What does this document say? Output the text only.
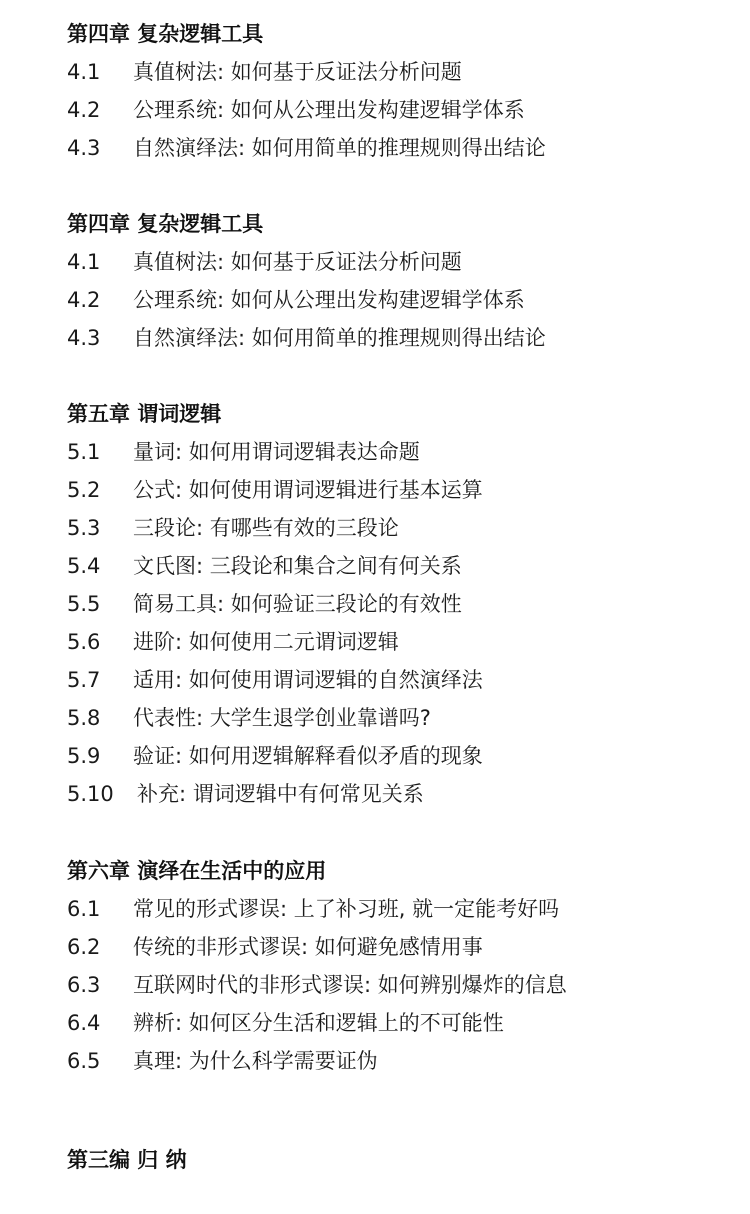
第四章 复杂逻辑工具
4.1 真值树法: 如何基于反证法分析问题
4.2 公理系统: 如何从公理出发构建逻辑学体系
4.3 自然演绎法: 如何用简单的推理规则得出结论
第四章 复杂逻辑工具
4.1 真值树法: 如何基于反证法分析问题
4.2 公理系统: 如何从公理出发构建逻辑学体系
4.3 自然演绎法: 如何用简单的推理规则得出结论
第五章 谓词逻辑
5.1 量词: 如何用谓词逻辑表达命题
5.2 公式: 如何使用谓词逻辑进行基本运算
5.3 三段论: 有哪些有效的三段论
5.4 文氏图: 三段论和集合之间有何关系
5.5 简易工具: 如何验证三段论的有效性
5.6 进阶: 如何使用二元谓词逻辑
5.7 适用: 如何使用谓词逻辑的自然演绎法
5.8 代表性: 大学生退学创业靠谱吗?
5.9 验证: 如何用逻辑解释看似矛盾的现象
5.10 补充: 谓词逻辑中有何常见关系
第六章 演绎在生活中的应用
6.1 常见的形式谬误: 上了补习班, 就一定能考好吗
6.2 传统的非形式谬误: 如何避免感情用事
6.3 互联网时代的非形式谬误: 如何辨别爆炸的信息
6.4 辨析: 如何区分生活和逻辑上的不可能性
6.5 真理: 为什么科学需要证伪
第三编 归 纳
